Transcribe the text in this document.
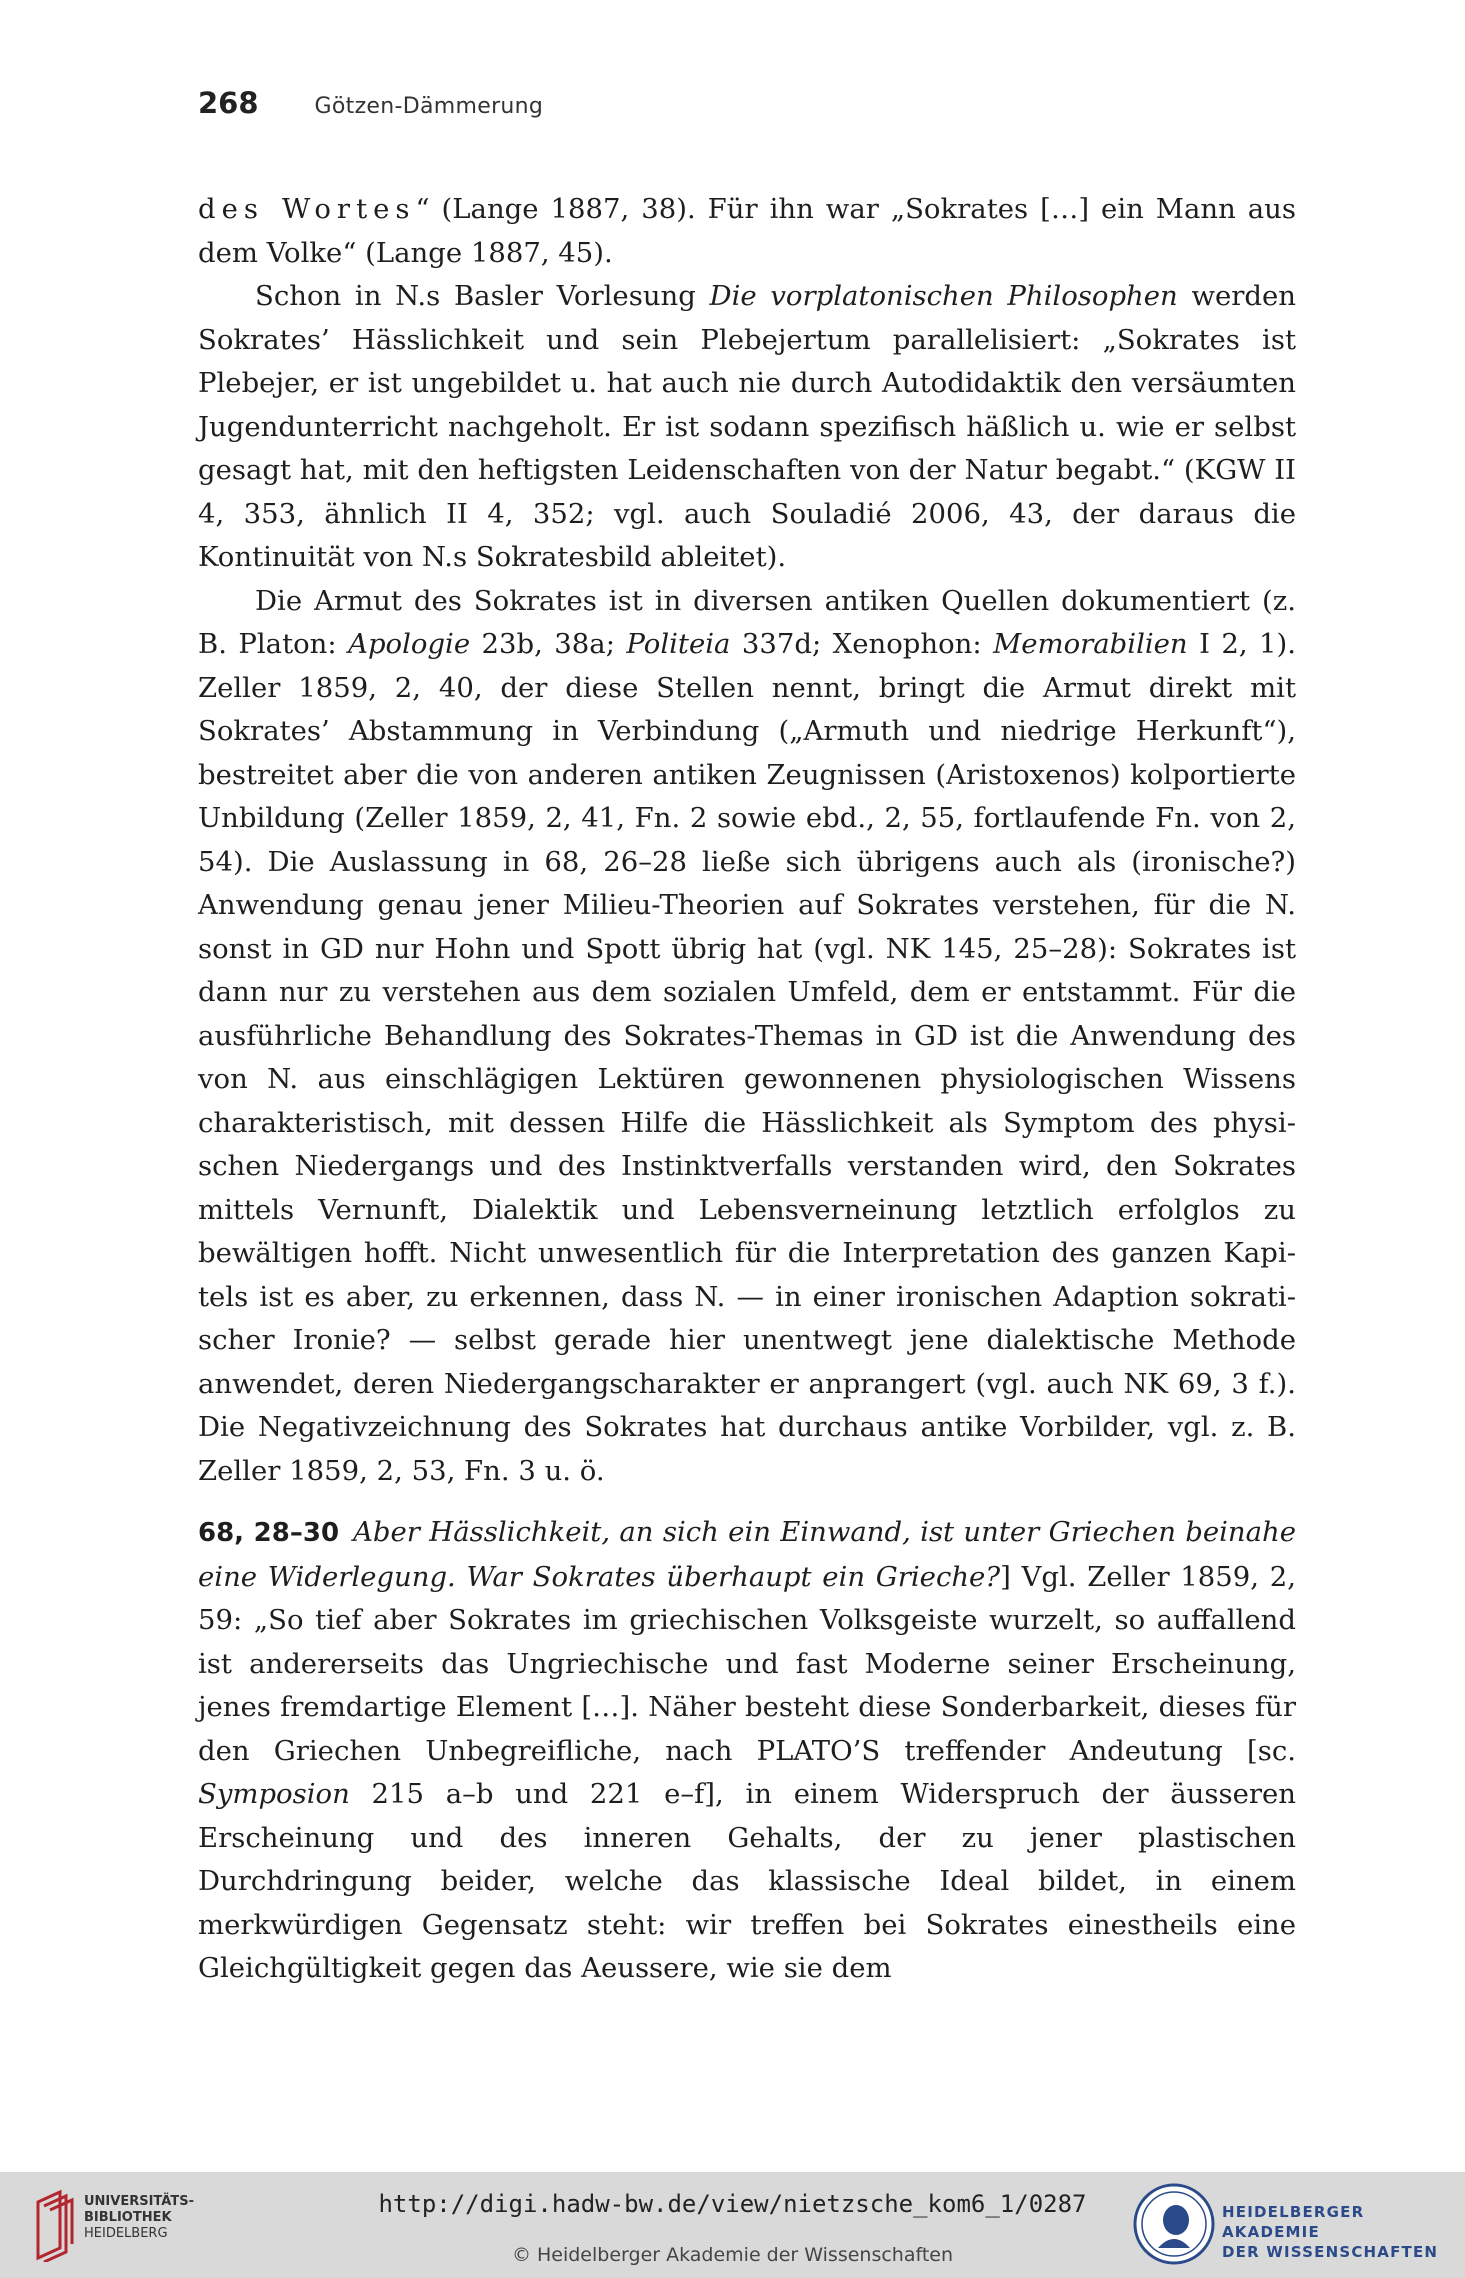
268	Götzen-Dämmerung

des Wortes“ (Lange 1887, 38). Für ihn war „Sokrates […] ein Mann aus dem Volke“ (Lange 1887, 45).

Schon in N.s Basler Vorlesung Die vorplatonischen Philosophen werden Sokrates’ Hässlichkeit und sein Plebejertum parallelisiert: „Sokrates ist Plebejer, er ist ungebildet u. hat auch nie durch Autodidaktik den versäumten Jugendunterricht nachgeholt. Er ist sodann spezifisch häßlich u. wie er selbst gesagt hat, mit den heftigsten Leidenschaften von der Natur begabt.“ (KGW II 4, 353, ähnlich II 4, 352; vgl. auch Souladié 2006, 43, der daraus die Kontinuität von N.s Sokratesbild ableitet).

Die Armut des Sokrates ist in diversen antiken Quellen dokumentiert (z. B. Platon: Apologie 23b, 38a; Politeia 337d; Xenophon: Memorabilien I 2, 1). Zeller 1859, 2, 40, der diese Stellen nennt, bringt die Armut direkt mit Sokrates’ Abstammung in Verbindung („Armuth und niedrige Herkunft“), bestreitet aber die von anderen antiken Zeugnissen (Aristoxenos) kolportierte Unbildung (Zeller 1859, 2, 41, Fn. 2 sowie ebd., 2, 55, fortlaufende Fn. von 2, 54). Die Auslassung in 68, 26–28 ließe sich übrigens auch als (ironische?) Anwendung genau jener Milieu-Theorien auf Sokrates verstehen, für die N. sonst in GD nur Hohn und Spott übrig hat (vgl. NK 145, 25–28): Sokrates ist dann nur zu verstehen aus dem sozialen Umfeld, dem er entstammt. Für die ausführliche Behandlung des Sokrates-Themas in GD ist die Anwendung des von N. aus einschlägigen Lektüren gewonnenen physiologischen Wissens charakteristisch, mit dessen Hilfe die Hässlichkeit als Symptom des physischen Niedergangs und des Instinktverfalls verstanden wird, den Sokrates mittels Vernunft, Dialektik und Lebensverneinung letztlich erfolglos zu bewältigen hofft. Nicht unwesentlich für die Interpretation des ganzen Kapitels ist es aber, zu erkennen, dass N. — in einer ironischen Adaption sokratischer Ironie? — selbst gerade hier unentwegt jene dialektische Methode anwendet, deren Niedergangscharakter er anprangert (vgl. auch NK 69, 3 f.). Die Negativzeichnung des Sokrates hat durchaus antike Vorbilder, vgl. z. B. Zeller 1859, 2, 53, Fn. 3 u. ö.

68, 28–30 Aber Hässlichkeit, an sich ein Einwand, ist unter Griechen beinahe eine Widerlegung. War Sokrates überhaupt ein Grieche?] Vgl. Zeller 1859, 2, 59: „So tief aber Sokrates im griechischen Volksgeiste wurzelt, so auffallend ist andererseits das Ungriechische und fast Moderne seiner Erscheinung, jenes fremdartige Element […]. Näher besteht diese Sonderbarkeit, dieses für den Griechen Unbegreifliche, nach PLATO’S treffender Andeutung [sc. Symposion 215 a–b und 221 e–f], in einem Widerspruch der äusseren Erscheinung und des inneren Gehalts, der zu jener plastischen Durchdringung beider, welche das klassische Ideal bildet, in einem merkwürdigen Gegensatz steht: wir treffen bei Sokrates einestheils eine Gleichgültigkeit gegen das Aeussere, wie sie dem

UNIVERSITÄTS-
BIBLIOTHEK
HEIDELBERG
http://digi.hadw-bw.de/view/nietzsche_kom6_1/0287
© Heidelberger Akademie der Wissenschaften
HEIDELBERGER AKADEMIE
DER WISSENSCHAFTEN
